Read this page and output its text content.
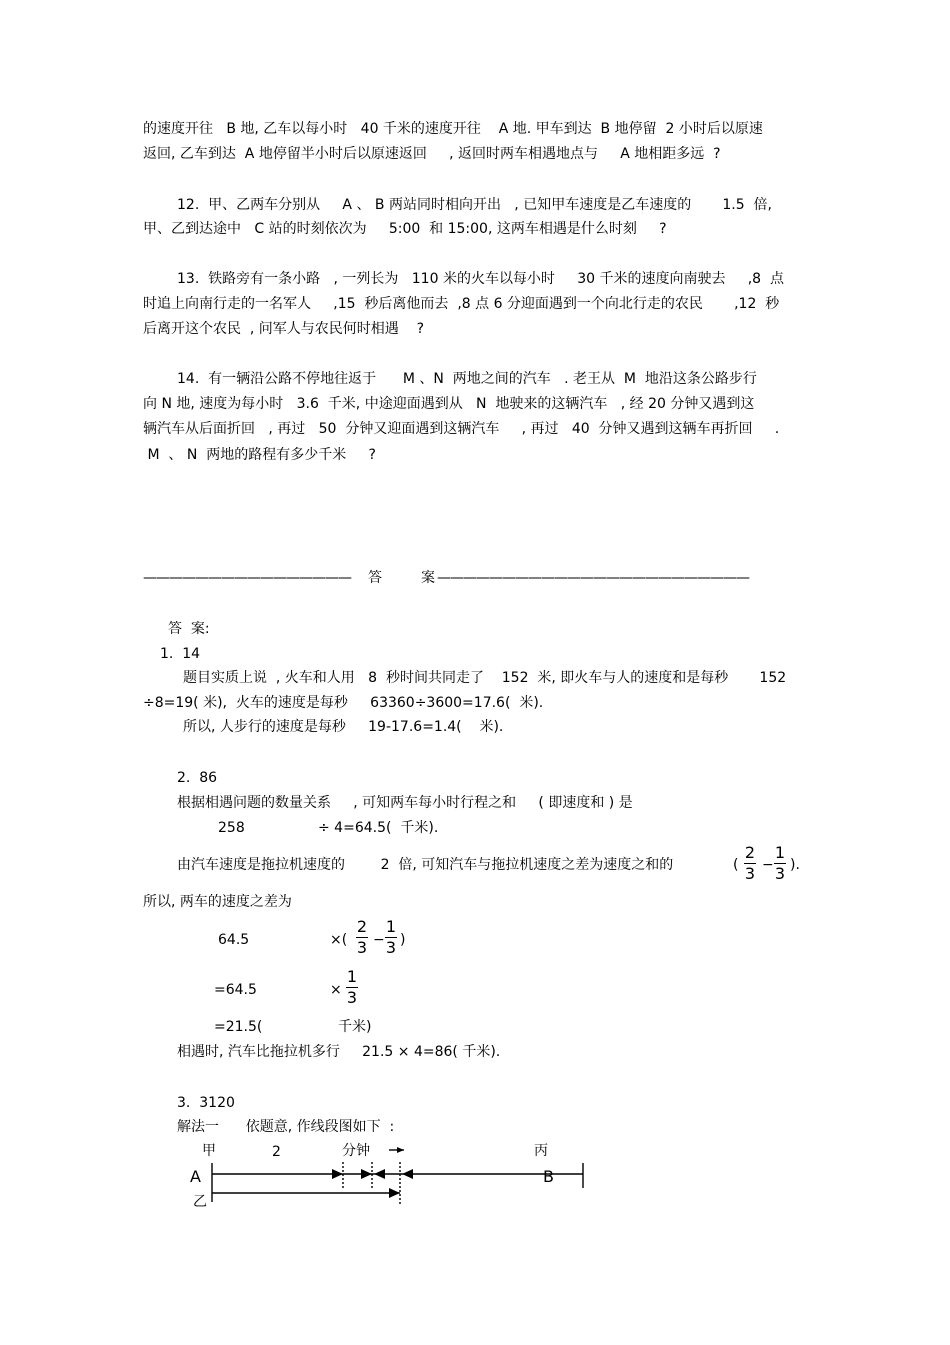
的速度开往   B 地, 乙车以每小时   40 千米的速度开往    A 地. 甲车到达  B 地停留  2 小时后以原速
返回, 乙车到达  A 地停留半小时后以原速返回     , 返回时两车相遇地点与     A 地相距多远  ?
12.  甲、乙两车分别从     A 、 B 两站同时相向开出   , 已知甲车速度是乙车速度的       1.5  倍,
甲、乙到达途中   C 站的时刻依次为     5:00  和 15:00, 这两车相遇是什么时刻     ?
13.  铁路旁有一条小路   , 一列长为   110 米的火车以每小时     30 千米的速度向南驶去     ,8  点
时追上向南行走的一名军人     ,15  秒后离他而去  ,8 点 6 分迎面遇到一个向北行走的农民       ,12  秒
后离开这个农民  , 问军人与农民何时相遇    ?
14.  有一辆沿公路不停地往返于      M 、N  两地之间的汽车   . 老王从  M  地沿这条公路步行
向 N 地, 速度为每小时   3.6  千米, 中途迎面遇到从   N  地驶来的这辆汽车   , 经 20 分钟又遇到这
辆汽车从后面折回   , 再过   50  分钟又迎面遇到这辆汽车     , 再过   40  分钟又遇到这辆车再折回     .
M  、 N  两地的路程有多少千米     ?
———————————————— 答	案 ————————————————————————
答  案:
1.  14
题目实质上说  , 火车和人用   8  秒时间共同走了    152  米, 即火车与人的速度和是每秒       152
÷8=19( 米),  火车的速度是每秒     63360÷3600=17.6(  米).
所以, 人步行的速度是每秒     19-17.6=1.4(    米).
2.  86
根据相遇问题的数量关系     , 可知两车每小时行程之和     ( 即速度和 ) 是
258	÷ 4=64.5(  千米).
由汽车速度是拖拉机速度的        2  倍, 可知汽车与拖拉机速度之差为速度之和的	(
2
3 −
1
3 ).
所以, 两车的速度之差为
64.5	×(
2
3 −
1
3 )
=64.5	×
1
3
=21.5(	千米)
相遇时, 汽车比拖拉机多行     21.5 × 4=86( 千米).
3.  3120
解法一      依题意, 作线段图如下  :
甲	2	分钟	丙
A	B
乙
